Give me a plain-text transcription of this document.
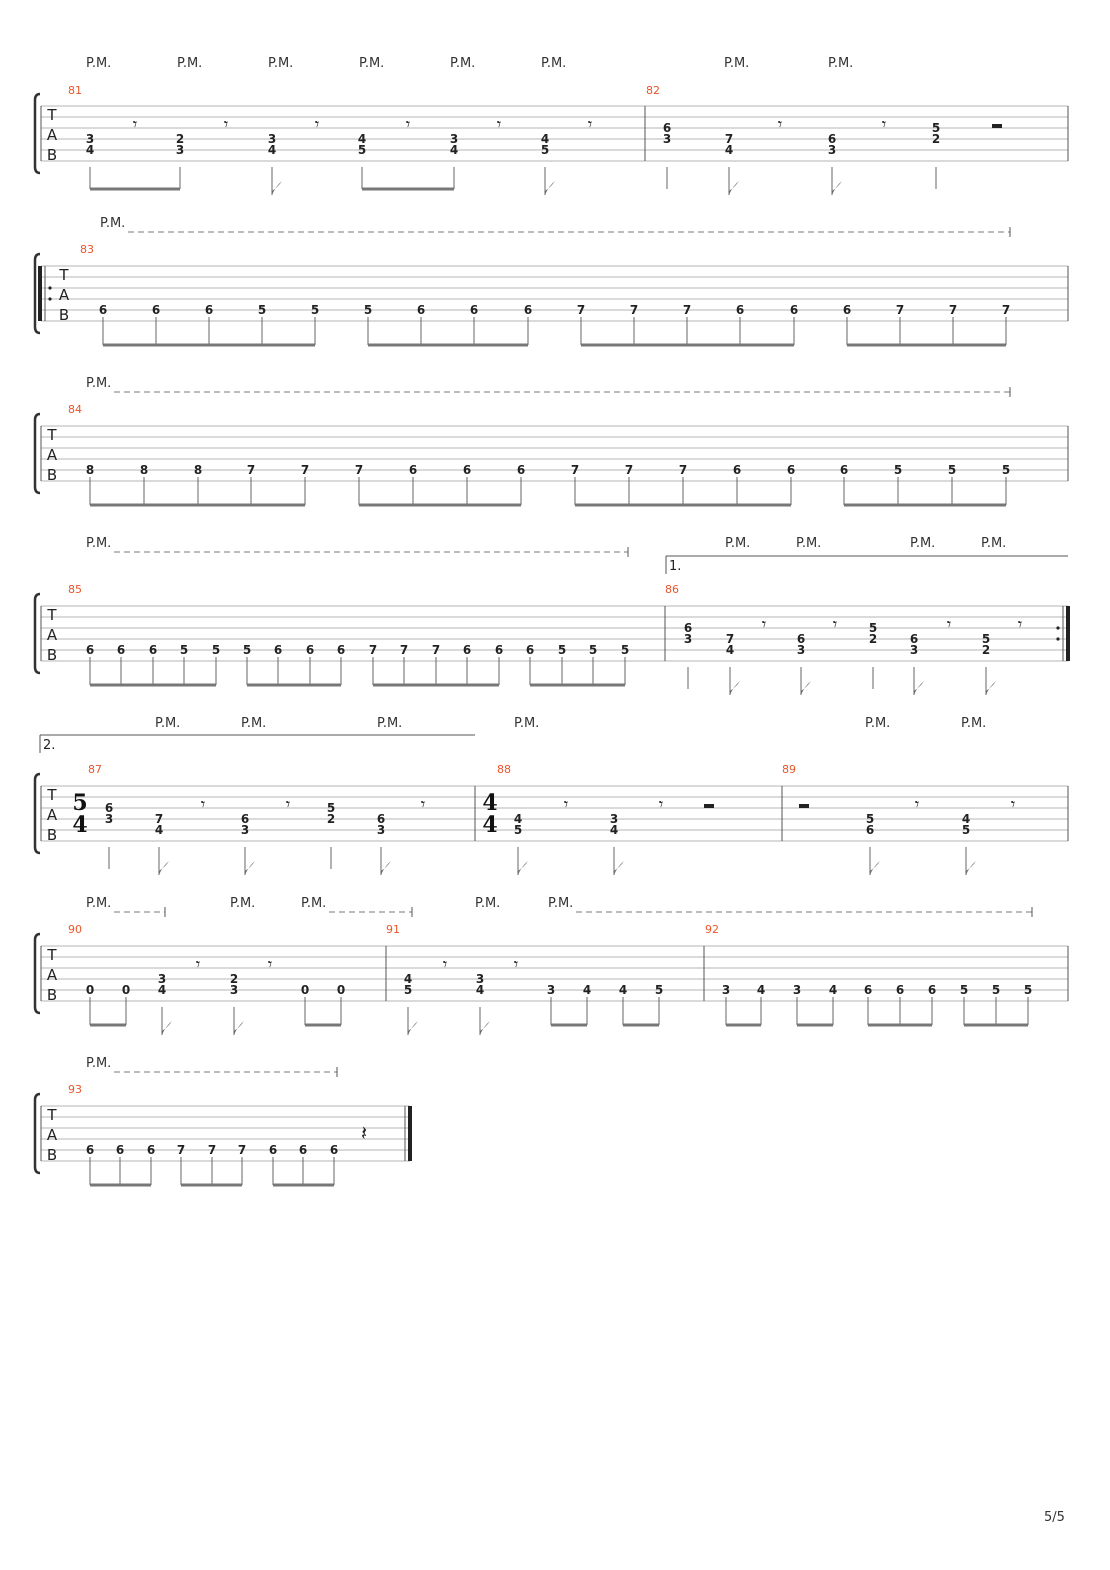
T
A
B
P.M.	P.M.	P.M.	P.M.	P.M.	P.M.	P.M.	P.M.
81	82
3
4
2
3
3
4
4
5
3
4
4
5
𝄾	𝄾	𝄾	𝄾	𝄾	𝄾	6
3	7
4
6
3
5
2
𝄾	𝄾
T
A
B
P.M.
83
6	6	6	5	5	5	6	6	6	7	7	7	6	6	6	7	7	7
T
A
B
P.M.
84
8	8	8	7	7	7	6	6	6	7	7	7	6	6	6	5	5	5
T
A
B
P.M.
1.
P.M.	P.M.	P.M.	P.M.
85	86
6 6 6 5 5 5 6 6 6 7 7 7 6 6 6 5 5 5
6
3	7
4
6
3
5
2	6
3
5
2
𝄾	𝄾	𝄾	𝄾
T
A
B
2.
P.M.	P.M.	P.M.	P.M.	P.M.	P.M.
87	88	89
5
4
4
4
6
3	7
4
6
3
5
2	6
3
𝄾	𝄾	𝄾
4
5
3
4
𝄾	𝄾
5
6
4
5
𝄾	𝄾
T
A
B
P.M.	P.M.	P.M.	P.M.	P.M.
90	91	92
0 0
3
4
2
3	0 0
𝄾	𝄾
4
5
3
4
𝄾	𝄾
3 4 4 5	3 4 3 4 6 6 6 5 5 5
T
A
B
P.M.
93
6 6 6 7 7 7 6 6 6
𝄽
5/5
